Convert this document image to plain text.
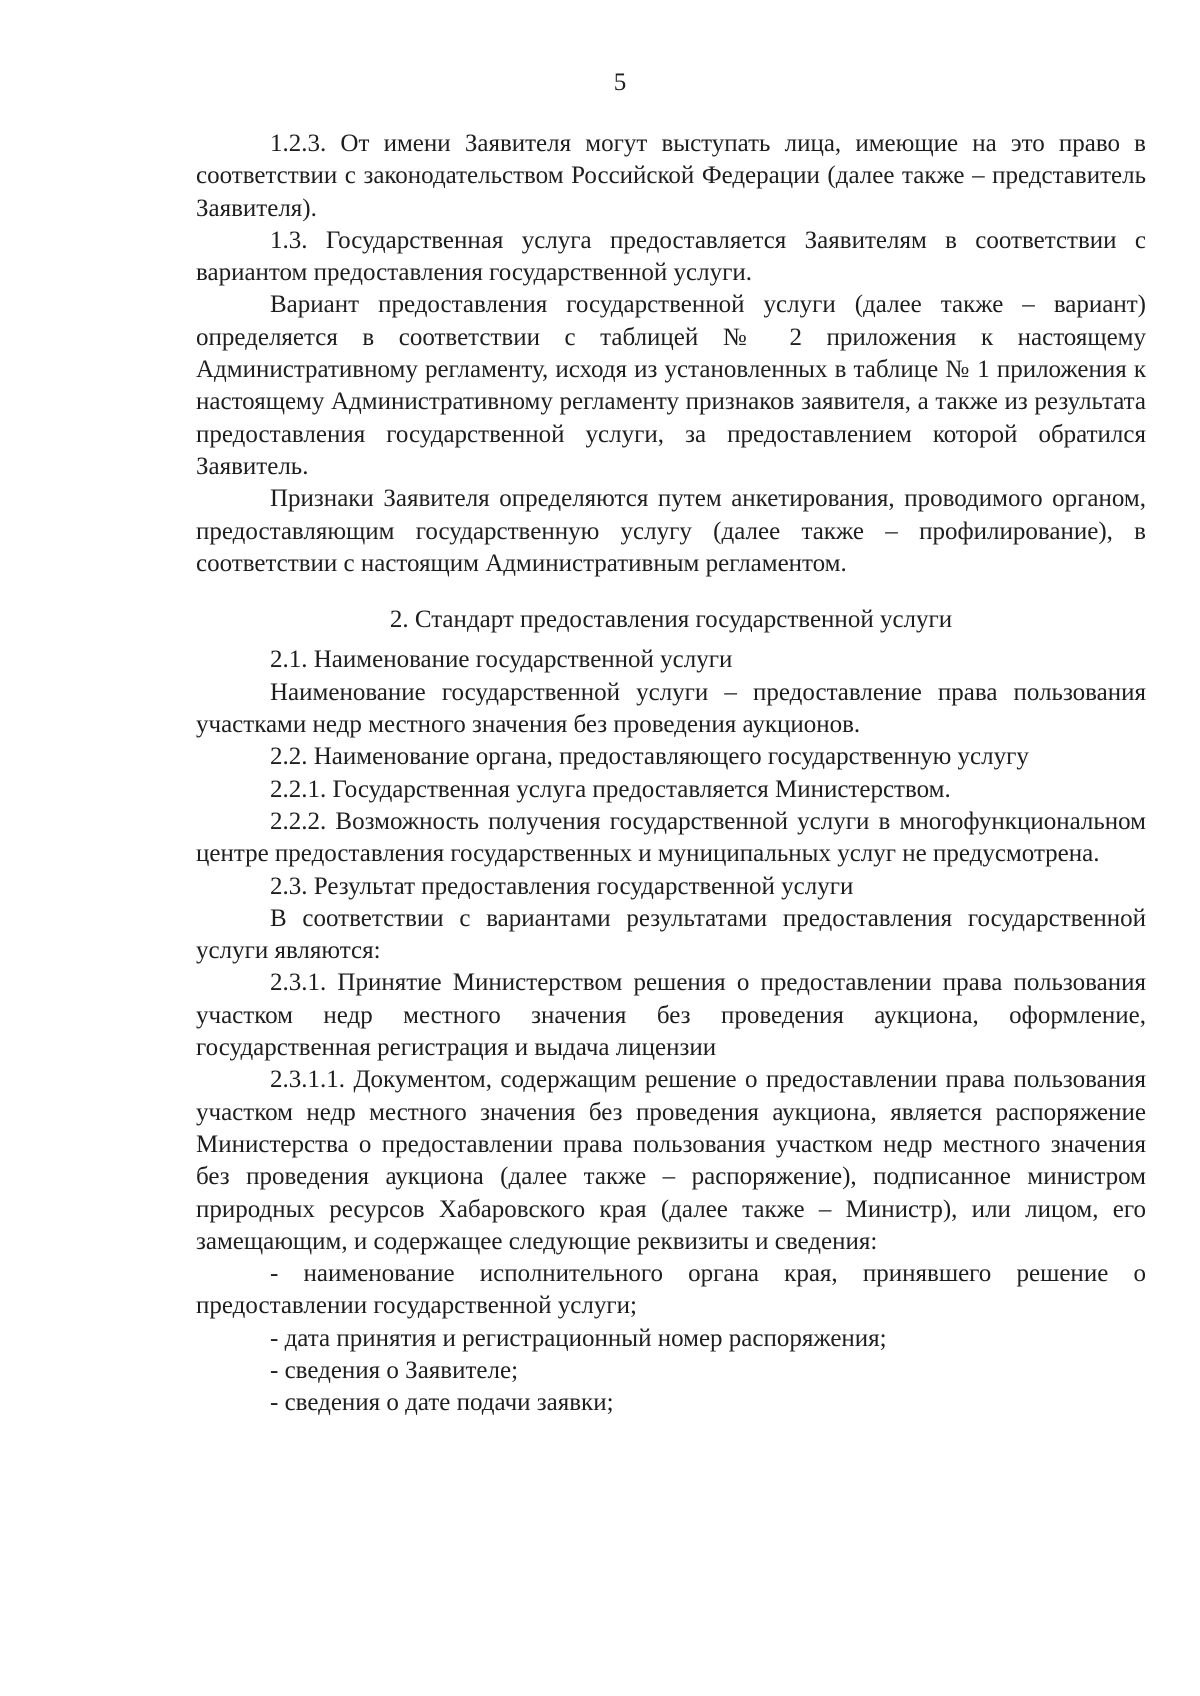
5

1.2.3. От имени Заявителя могут выступать лица, имеющие на это право в соответствии с законодательством Российской Федерации (далее также – представитель Заявителя).

1.3. Государственная услуга предоставляется Заявителям в соответствии с вариантом предоставления государственной услуги.

Вариант предоставления государственной услуги (далее также – вариант) определяется в соответствии с таблицей № 2 приложения к настоящему Административному регламенту, исходя из установленных в таблице № 1 приложения к настоящему Административному регламенту признаков заявителя, а также из результата предоставления государственной услуги, за предоставлением которой обратился Заявитель.

Признаки Заявителя определяются путем анкетирования, проводимого органом, предоставляющим государственную услугу (далее также – профилирование), в соответствии с настоящим Административным регламентом.

2. Стандарт предоставления государственной услуги

2.1. Наименование государственной услуги

Наименование государственной услуги – предоставление права пользования участками недр местного значения без проведения аукционов.

2.2. Наименование органа, предоставляющего государственную услугу

2.2.1. Государственная услуга предоставляется Министерством.

2.2.2. Возможность получения государственной услуги в многофункциональном центре предоставления государственных и муниципальных услуг не предусмотрена.

2.3. Результат предоставления государственной услуги

В соответствии с вариантами результатами предоставления государственной услуги являются:

2.3.1. Принятие Министерством решения о предоставлении права пользования участком недр местного значения без проведения аукциона, оформление, государственная регистрация и выдача лицензии

2.3.1.1. Документом, содержащим решение о предоставлении права пользования участком недр местного значения без проведения аукциона, является распоряжение Министерства о предоставлении права пользования участком недр местного значения без проведения аукциона (далее также – распоряжение), подписанное министром природных ресурсов Хабаровского края (далее также – Министр), или лицом, его замещающим, и содержащее следующие реквизиты и сведения:

- наименование исполнительного органа края, принявшего решение о предоставлении государственной услуги;

- дата принятия и регистрационный номер распоряжения;

- сведения о Заявителе;

- сведения о дате подачи заявки;
